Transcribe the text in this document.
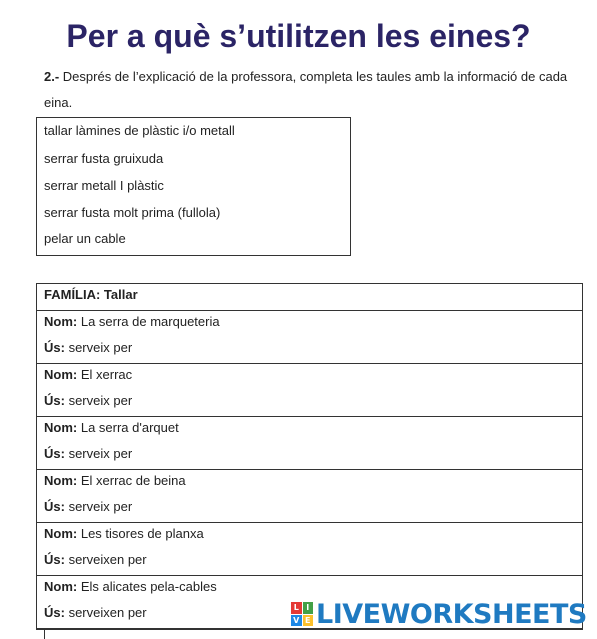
Per a què s’utilitzen les eines?
2.- Després de l’explicació de la professora, completa les taules amb la informació de cada eina.
tallar làmines de plàstic i/o metall
serrar fusta gruixuda
serrar metall I plàstic
serrar fusta molt prima (fullola)
pelar un cable
FAMÍLIA: Tallar
Nom: La serra de marqueteria
Ús: serveix per
Nom: El xerrac
Ús: serveix per
Nom: La serra d'arquet
Ús: serveix per
Nom: El xerrac de beina
Ús: serveix per
Nom: Les tisores de planxa
Ús: serveixen per
Nom: Els alicates pela-cables
Ús: serveixen per	L I
V E LIVEWORKSHEETS
